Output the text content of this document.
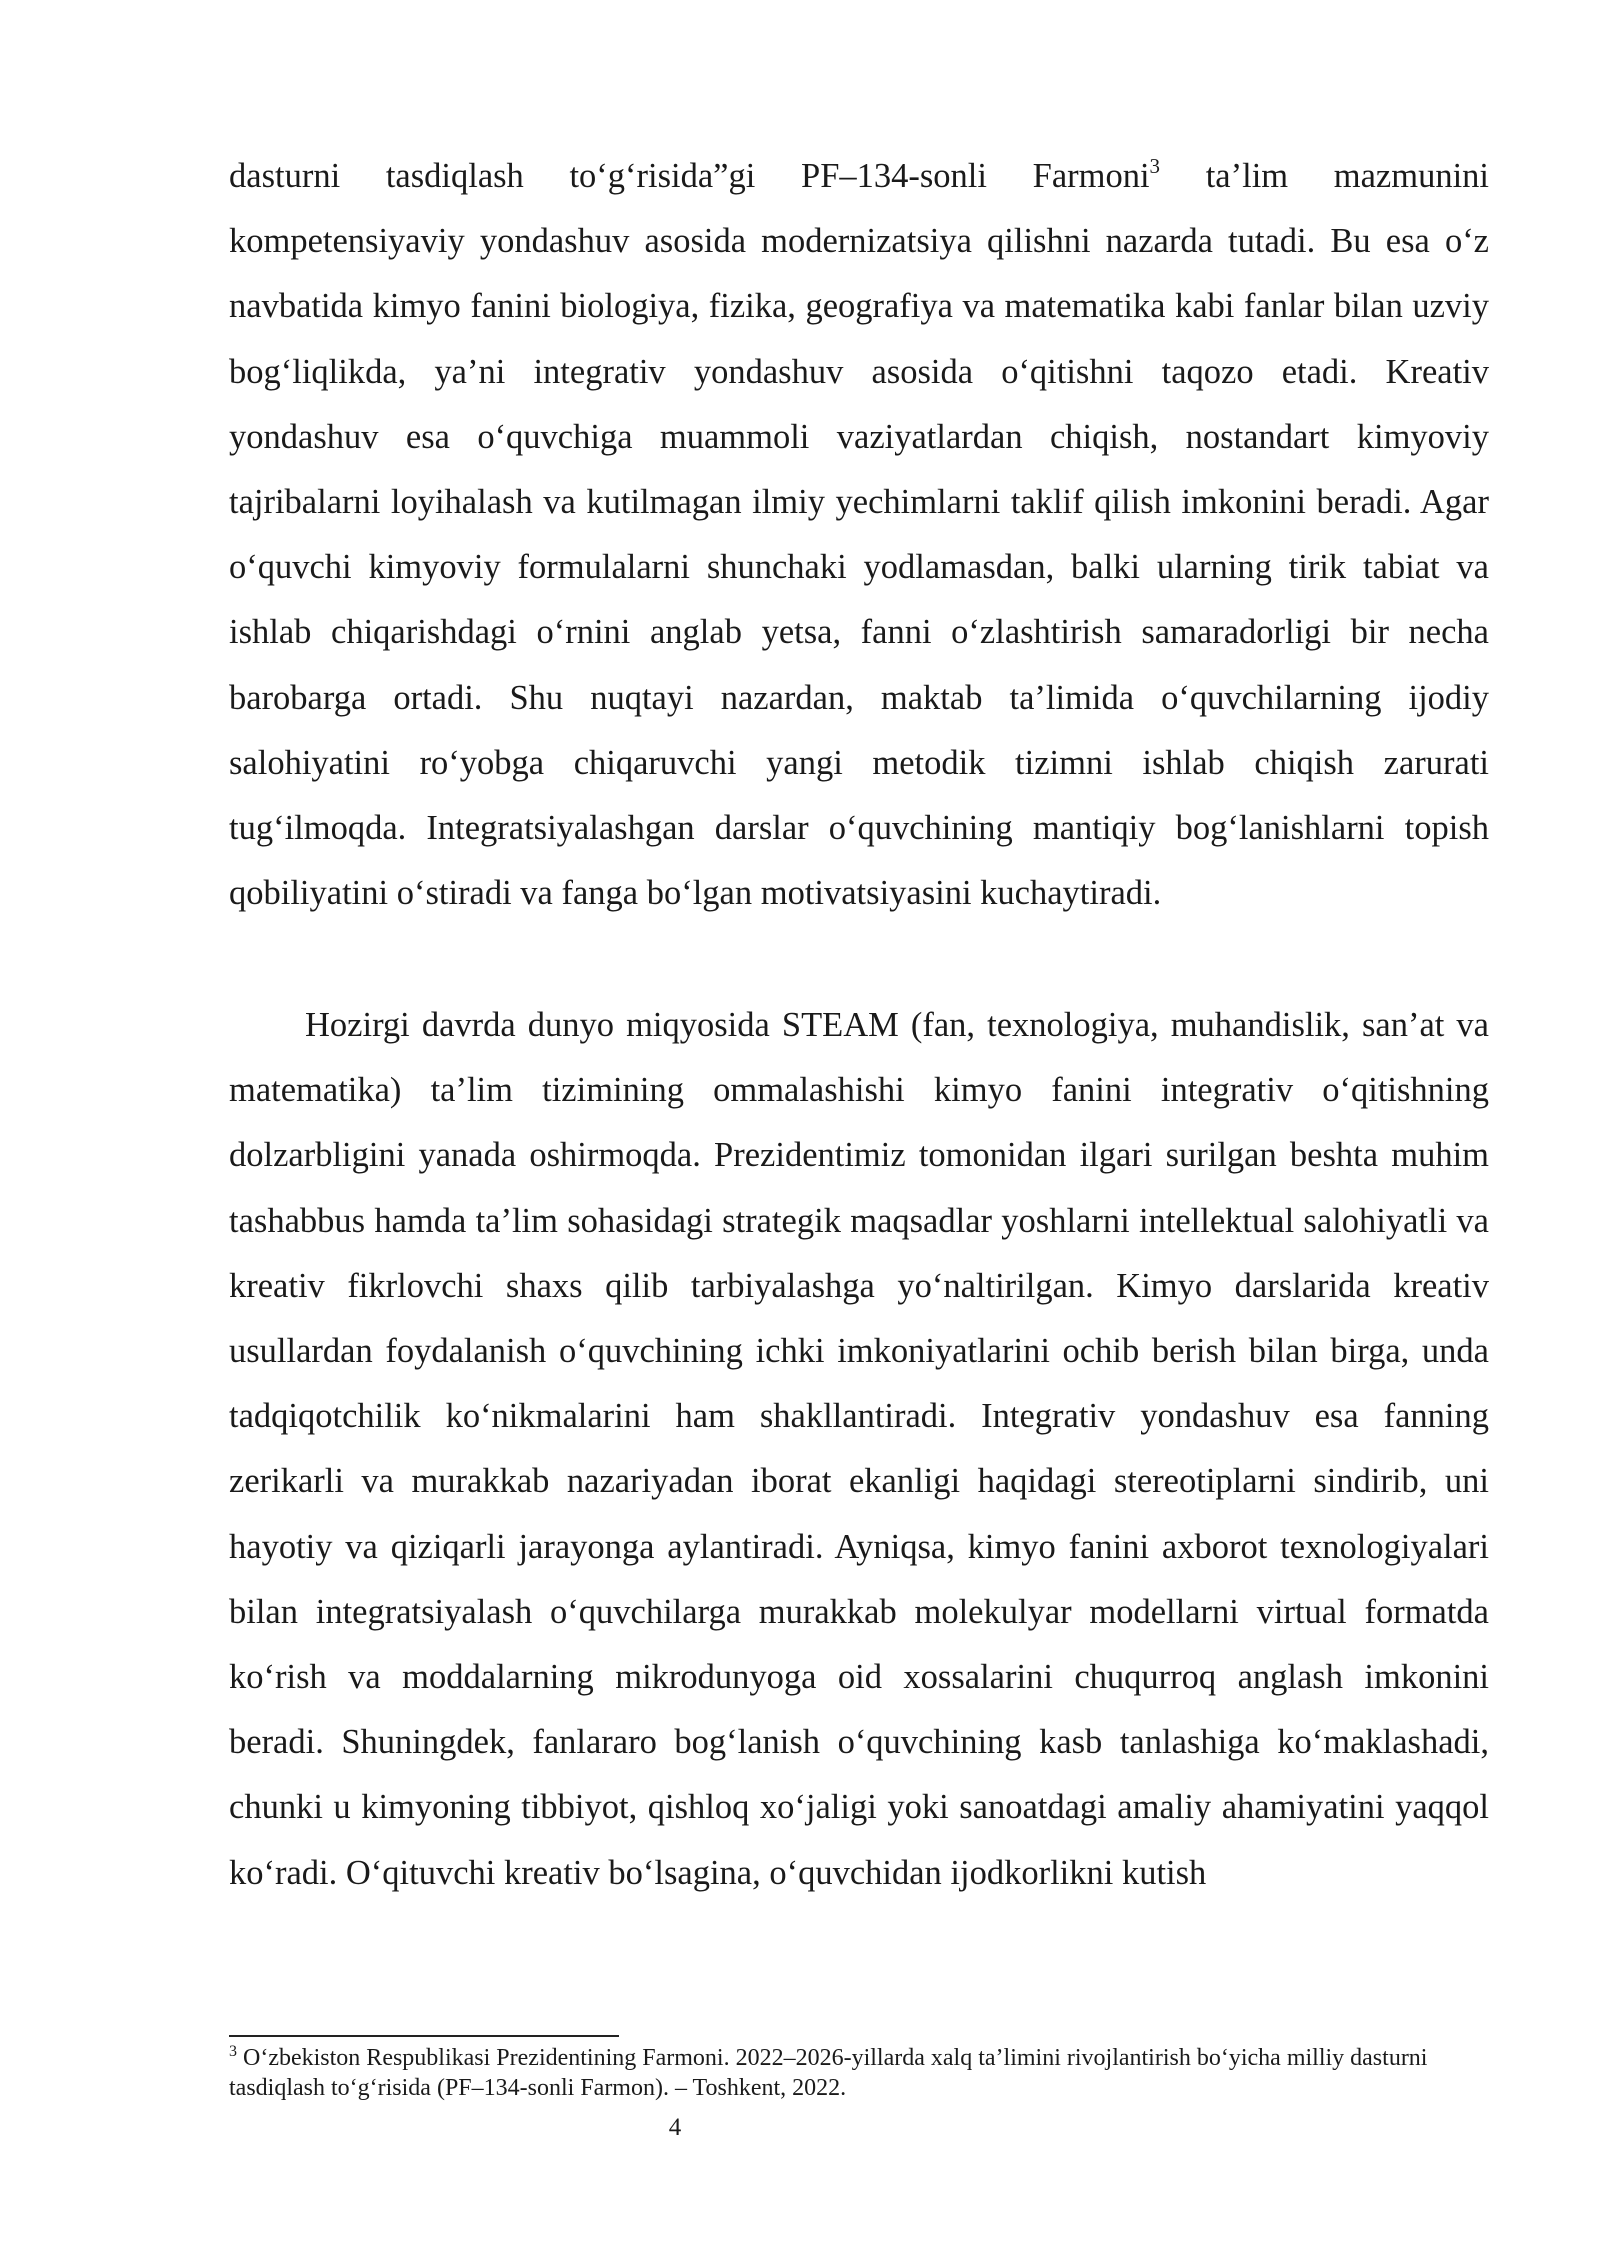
dasturni tasdiqlash to‘g‘risida”gi PF–134-sonli Farmoni$^3$ ta’lim mazmunini kompetensiyaviy yondashuv asosida modernizatsiya qilishni nazarda tutadi. Bu esa o‘z navbatida kimyo fanini biologiya, fizika, geografiya va matematika kabi fanlar bilan uzviy bog‘liqlikda, ya’ni integrativ yondashuv asosida o‘qitishni taqozo etadi. Kreativ yondashuv esa o‘quvchiga muammoli vaziyatlardan chiqish, nostandart kimyoviy tajribalarni loyihalash va kutilmagan ilmiy yechimlarni taklif qilish imkonini beradi. Agar o‘quvchi kimyoviy formulalarni shunchaki yodlamasdan, balki ularning tirik tabiat va ishlab chiqarishdagi o‘rnini anglab yetsa, fanni o‘zlashtirish samaradorligi bir necha barobarga ortadi. Shu nuqtayi nazardan, maktab ta’limida o‘quvchilarning ijodiy salohiyatini ro‘yobga chiqaruvchi yangi metodik tizimni ishlab chiqish zarurati tug‘ilmoqda. Integratsiyalashgan darslar o‘quvchining mantiqiy bog‘lanishlarni topish qobiliyatini o‘stiradi va fanga bo‘lgan motivatsiyasini kuchaytiradi.

Hozirgi davrda dunyo miqyosida STEAM (fan, texnologiya, muhandislik, san’at va matematika) ta’lim tizimining ommalashishi kimyo fanini integrativ o‘qitishning dolzarbligini yanada oshirmoqda. Prezidentimiz tomonidan ilgari surilgan beshta muhim tashabbus hamda ta’lim sohasidagi strategik maqsadlar yoshlarni intellektual salohiyatli va kreativ fikrlovchi shaxs qilib tarbiyalashga yo‘naltirilgan. Kimyo darslarida kreativ usullardan foydalanish o‘quvchining ichki imkoniyatlarini ochib berish bilan birga, unda tadqiqotchilik ko‘nikmalarini ham shakllantiradi. Integrativ yondashuv esa fanning zerikarli va murakkab nazariyadan iborat ekanligi haqidagi stereotiplarni sindirib, uni hayotiy va qiziqarli jarayonga aylantiradi. Ayniqsa, kimyo fanini axborot texnologiyalari bilan integratsiyalash o‘quvchilarga murakkab molekulyar modellarni virtual formatda ko‘rish va moddalarning mikrodunyoga oid xossalarini chuqurroq anglash imkonini beradi. Shuningdek, fanlararo bog‘lanish o‘quvchining kasb tanlashiga ko‘maklashadi, chunki u kimyoning tibbiyot, qishloq xo‘jaligi yoki sanoatdagi amaliy ahamiyatini yaqqol ko‘radi. O‘qituvchi kreativ bo‘lsagina, o‘quvchidan ijodkorlikni kutish

$^3$ O‘zbekiston Respublikasi Prezidentining Farmoni. 2022–2026-yillarda xalq ta’limini rivojlantirish bo‘yicha milliy dasturni tasdiqlash to‘g‘risida (PF–134-sonli Farmon). – Toshkent, 2022.

4
